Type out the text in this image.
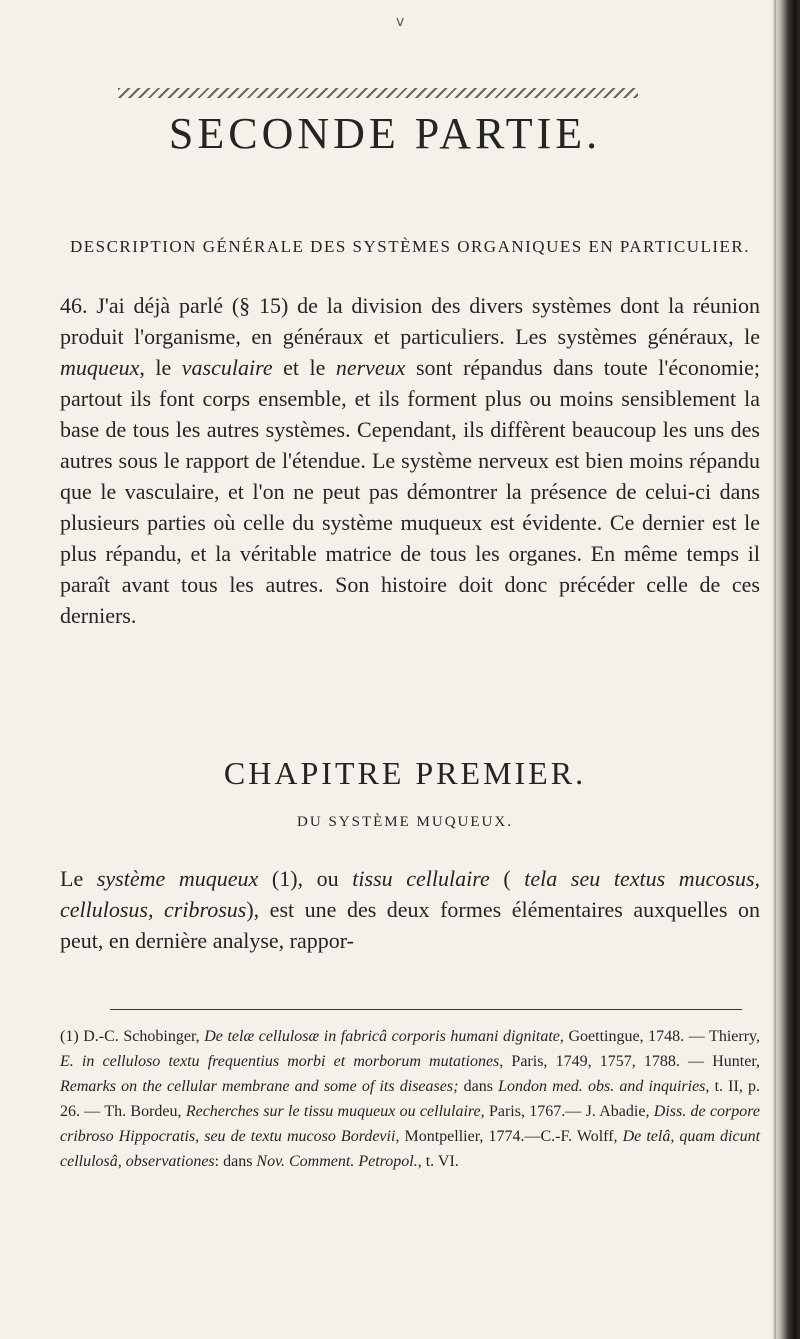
v
SECONDE PARTIE.
DESCRIPTION GÉNÉRALE DES SYSTÈMES ORGANIQUES EN PARTICULIER.

46. J'ai déjà parlé (§ 15) de la division des divers systèmes dont la réunion produit l'organisme, en généraux et particuliers. Les systèmes généraux, le muqueux, le vasculaire et le nerveux sont répandus dans toute l'économie; partout ils font corps ensemble, et ils forment plus ou moins sensiblement la base de tous les autres systèmes. Cependant, ils diffèrent beaucoup les uns des autres sous le rapport de l'étendue. Le système nerveux est bien moins répandu que le vasculaire, et l'on ne peut pas démontrer la présence de celui-ci dans plusieurs parties où celle du système muqueux est évidente. Ce dernier est le plus répandu, et la véritable matrice de tous les organes. En même temps il paraît avant tous les autres. Son histoire doit donc précéder celle de ces derniers.

CHAPITRE PREMIER.
DU SYSTÈME MUQUEUX.

Le système muqueux (1), ou tissu cellulaire ( tela seu textus mucosus, cellulosus, cribrosus), est une des deux formes élémentaires auxquelles on peut, en dernière analyse, rappor-

(1) D.-C. Schobinger, De telæ cellulosæ in fabricâ corporis humani dignitate, Goettingue, 1748. — Thierry, E. in celluloso textu frequentius morbi et morborum mutationes, Paris, 1749, 1757, 1788. — Hunter, Remarks on the cellular membrane and some of its diseases; dans London med. obs. and inquiries, t. II, p. 26. — Th. Bordeu, Recherches sur le tissu muqueux ou cellulaire, Paris, 1767.— J. Abadie, Diss. de corpore cribroso Hippocratis, seu de textu mucoso Bordevii, Montpellier, 1774.—C.-F. Wolff, De telâ, quam dicunt cellulosâ, observationes: dans Nov. Comment. Petropol., t. VI.
